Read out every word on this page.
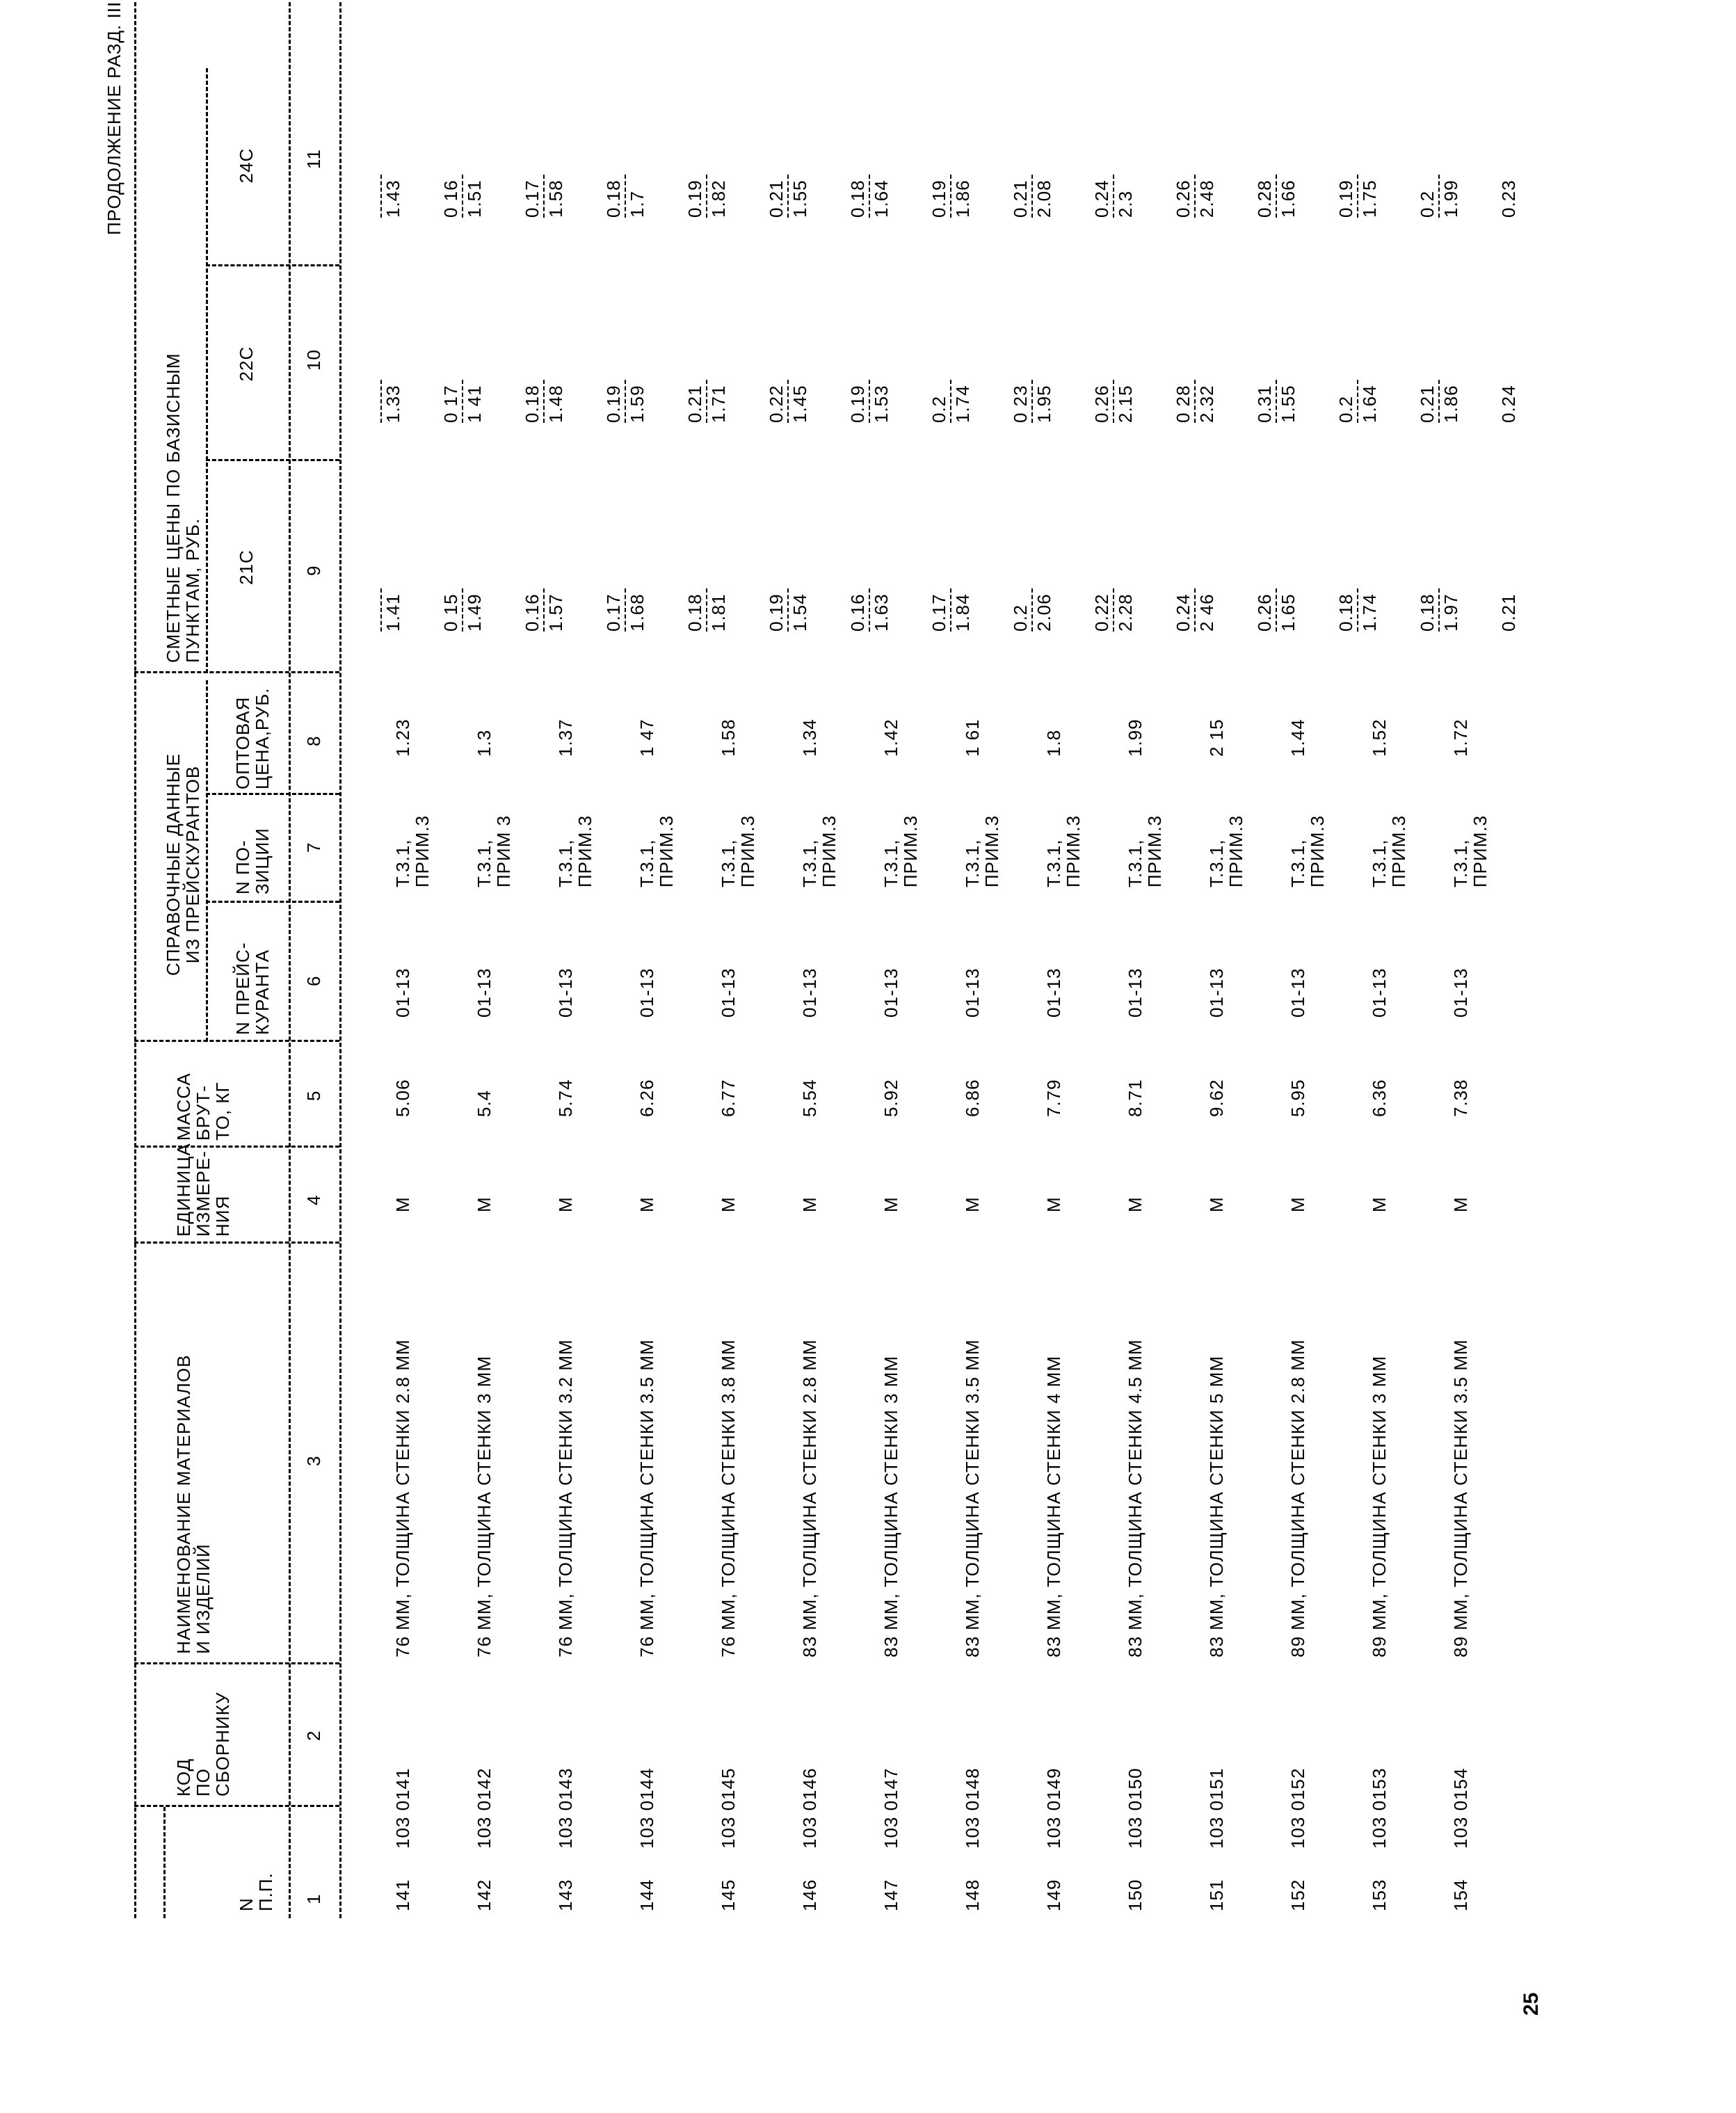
ПРОДОЛЖЕНИЕ РАЗД. III
N
П.П.
КОД
ПО
СБОРНИКУ
НАИМЕНОВАНИЕ МАТЕРИАЛОВ
И ИЗДЕЛИЙ
ЕДИНИЦА
ИЗМЕРЕ-
НИЯ
МАССА
БРУТ-
ТО, КГ
СПРАВОЧНЫЕ ДАННЫЕ
ИЗ ПРЕЙСКУРАНТОВ
N ПРЕЙС-
КУРАНТА
N ПО-
ЗИЦИИ
ОПТОВАЯ
ЦЕНА,РУБ.
СМЕТНЫЕ ЦЕНЫ ПО БАЗИСНЫМ
ПУНКТАМ, РУБ. 21С
22С
24С
1
2
3
4
5
6
7
8
9
10
11
141
103 0141
76 ММ, ТОЛЩИНА СТЕНКИ 2.8 ММ
М
5.06
01-13
Т.3.1,
ПРИМ.3
1.23
1.41
1.33
1.43
142
103 0142
76 ММ, ТОЛЩИНА СТЕНКИ 3 ММ
М
5.4
01-13
Т.3.1,
ПРИМ 3
1.3
0 15 1.49
0 17 1 41
0 16 1.51
143
103 0143
76 ММ, ТОЛЩИНА СТЕНКИ 3.2 ММ
М
5.74
01-13
Т.3.1,
ПРИМ.3
1.37
0.16 1.57
0.18 1.48
0.17 1.58
144
103 0144
76 ММ, ТОЛЩИНА СТЕНКИ 3.5 ММ
М
6.26
01-13
Т.3.1,
ПРИМ.3
1 47
0.17 1.68
0.19 1.59
0.18 1.7
145
103 0145
76 ММ, ТОЛЩИНА СТЕНКИ 3.8 ММ
М
6.77
01-13
Т.3.1,
ПРИМ.3
1.58
0.18 1.81
0.21 1.71
0.19 1.82
146
103 0146
83 ММ, ТОЛЩИНА СТЕНКИ 2.8 ММ
М
5.54
01-13
Т.3.1,
ПРИМ.3
1.34
0.19 1.54
0.22 1.45
0.21 1.55
147
103 0147
83 ММ, ТОЛЩИНА СТЕНКИ 3 ММ
М
5.92
01-13
Т.3.1,
ПРИМ.3
1.42
0.16 1.63
0.19 1.53
0.18 1.64
148
103 0148
83 ММ, ТОЛЩИНА СТЕНКИ 3.5 ММ
М
6.86
01-13
Т.3.1,
ПРИМ.3
1 61
0.17 1.84
0.2 1.74
0.19 1.86
149
103 0149
83 ММ, ТОЛЩИНА СТЕНКИ 4 ММ
М
7.79
01-13
Т.3.1,
ПРИМ.3
1.8
0.2 2.06
0 23 1.95
0.21 2.08
150
103 0150
83 ММ, ТОЛЩИНА СТЕНКИ 4.5 ММ
М
8.71
01-13
Т.3.1,
ПРИМ.3
1.99
0.22 2.28
0.26 2.15
0.24 2.3
151
103 0151
83 ММ, ТОЛЩИНА СТЕНКИ 5 ММ
М
9.62
01-13
Т.3.1,
ПРИМ.3
2 15
0.24 2 46
0 28 2.32
0.26 2.48
152
103 0152
89 ММ, ТОЛЩИНА СТЕНКИ 2.8 ММ
М
5.95
01-13
Т.3.1,
ПРИМ.3
1.44
0.26 1.65
0.31 1.55
0.28 1.66
153
103 0153
89 ММ, ТОЛЩИНА СТЕНКИ 3 ММ
М
6.36
01-13
Т.3.1,
ПРИМ.3
1.52
0.18 1.74
0.2 1.64
0.19 1.75
154
103 0154
89 ММ, ТОЛЩИНА СТЕНКИ 3.5 ММ
М
7.38
01-13
Т.3.1,
ПРИМ.3
1.72
0.18 1.97
0.21 1.86
0.2 1.99
0.21
0.24
0.23
25
